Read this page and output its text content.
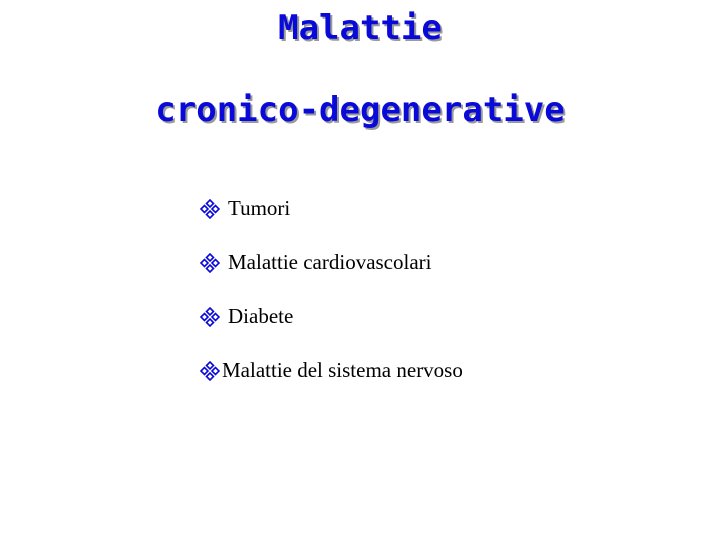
Malattie
cronico-degenerative
Tumori
Malattie cardiovascolari
Diabete
Malattie del sistema nervoso
